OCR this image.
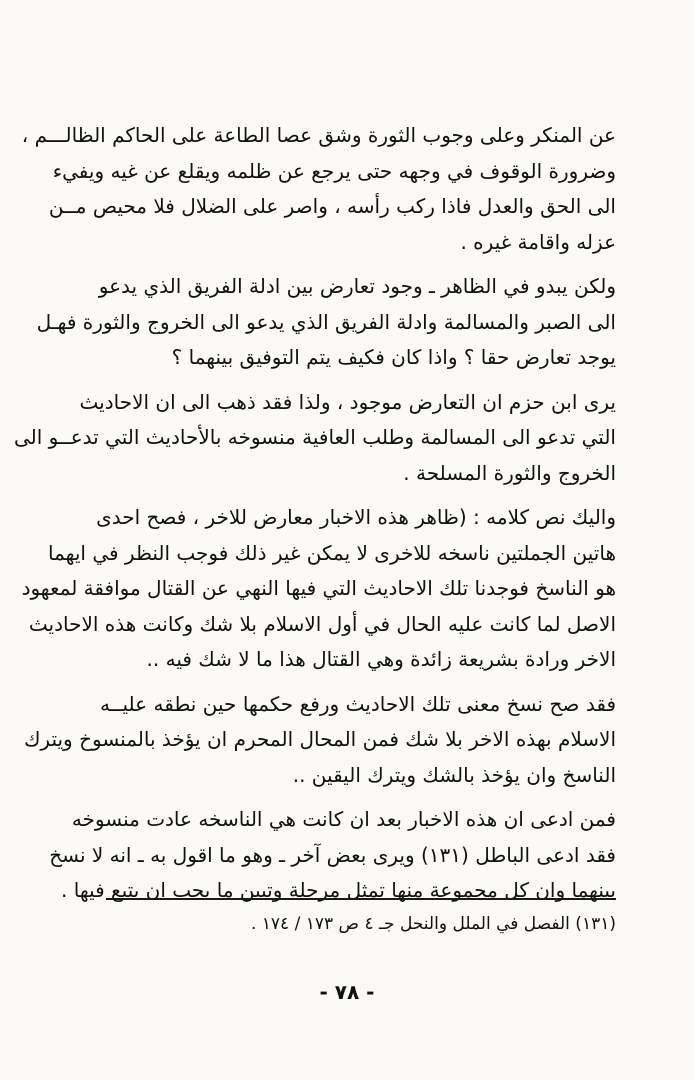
عن المنكر وعلى وجوب الثورة وشق عصا الطاعة على الحاكم الظالـــم ،
وضرورة الوقوف في وجهه حتى يرجع عن ظلمه ويقلع عن غيه ويفيء
الى الحق والعدل فاذا ركب رأسه ، واصر على الضلال فلا محيص مــن
عزله واقامة غيره .
ولكن يبدو في الظاهر ـ وجود تعارض بين ادلة الفريق الذي يدعو
الى الصبر والمسالمة وادلة الفريق الذي يدعو الى الخروج والثورة فهـل
يوجد تعارض حقا ؟ واذا كان فكيف يتم التوفيق بينهما ؟
يرى ابن حزم ان التعارض موجود ، ولذا فقد ذهب الى ان الاحاديث
التي تدعو الى المسالمة وطلب العافية منسوخه بالأحاديث التي تدعــو الى
الخروج والثورة المسلحة .
واليك نص كلامه : (ظاهر هذه الاخبار معارض للاخر ، فصح احدى
هاتين الجملتين ناسخه للاخرى لا يمكن غير ذلك فوجب النظر في ايهما
هو الناسخ فوجدنا تلك الاحاديث التي فيها النهي عن القتال موافقة لمعهود
الاصل لما كانت عليه الحال في أول الاسلام بلا شك وكانت هذه الاحاديث
الاخر ورادة بشريعة زائدة وهي القتال هذا ما لا شك فيه ..
فقد صح نسخ معنى تلك الاحاديث ورفع حكمها حين نطقه عليــه
الاسلام بهذه الاخر بلا شك فمن المحال المحرم ان يؤخذ بالمنسوخ ويترك
الناسخ وان يؤخذ بالشك ويترك اليقين ..
فمن ادعى ان هذه الاخبار بعد ان كانت هي الناسخه عادت منسوخه
فقد ادعى الباطل (١٣١) ويرى بعض آخر ـ وهو ما اقول به ـ انه لا نسخ
بينهما وان كل مجموعة منها تمثل مرحلة وتبين ما يجب ان يتبع فيها .
(١٣١) الفصل في الملل والنحل جـ ٤ ص ١٧٣ / ١٧٤ .
- ٧٨ -
